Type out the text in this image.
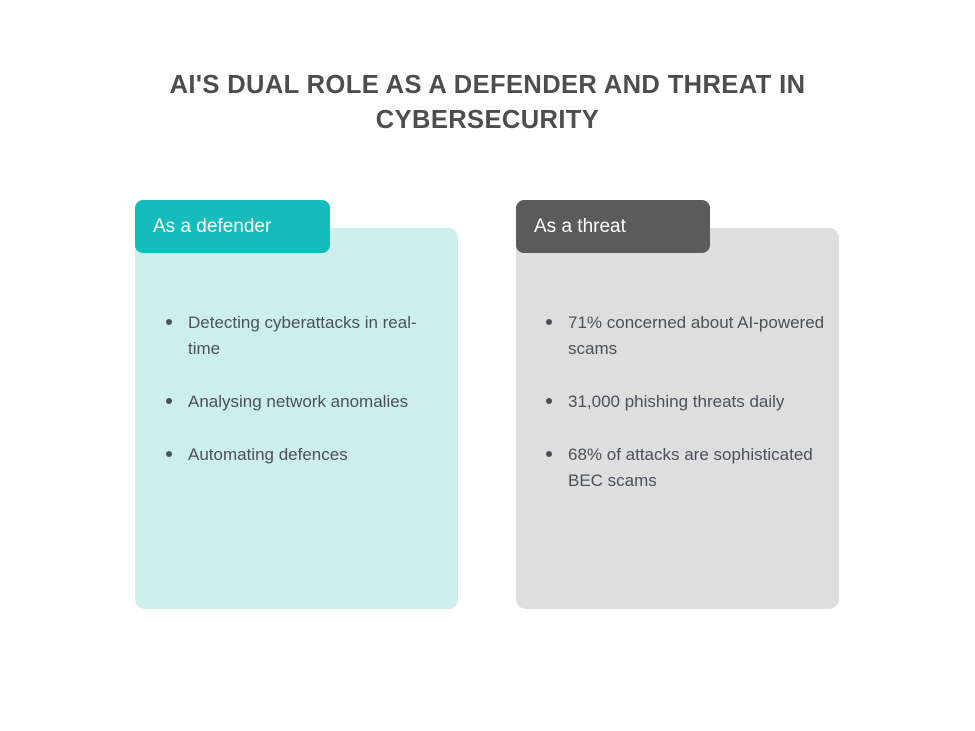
AI'S DUAL ROLE AS A DEFENDER AND THREAT IN CYBERSECURITY
As a defender	As a threat
Detecting cyberattacks in real-time
Analysing network anomalies
Automating defences
71% concerned about AI-powered scams
31,000 phishing threats daily
68% of attacks are sophisticated BEC scams
